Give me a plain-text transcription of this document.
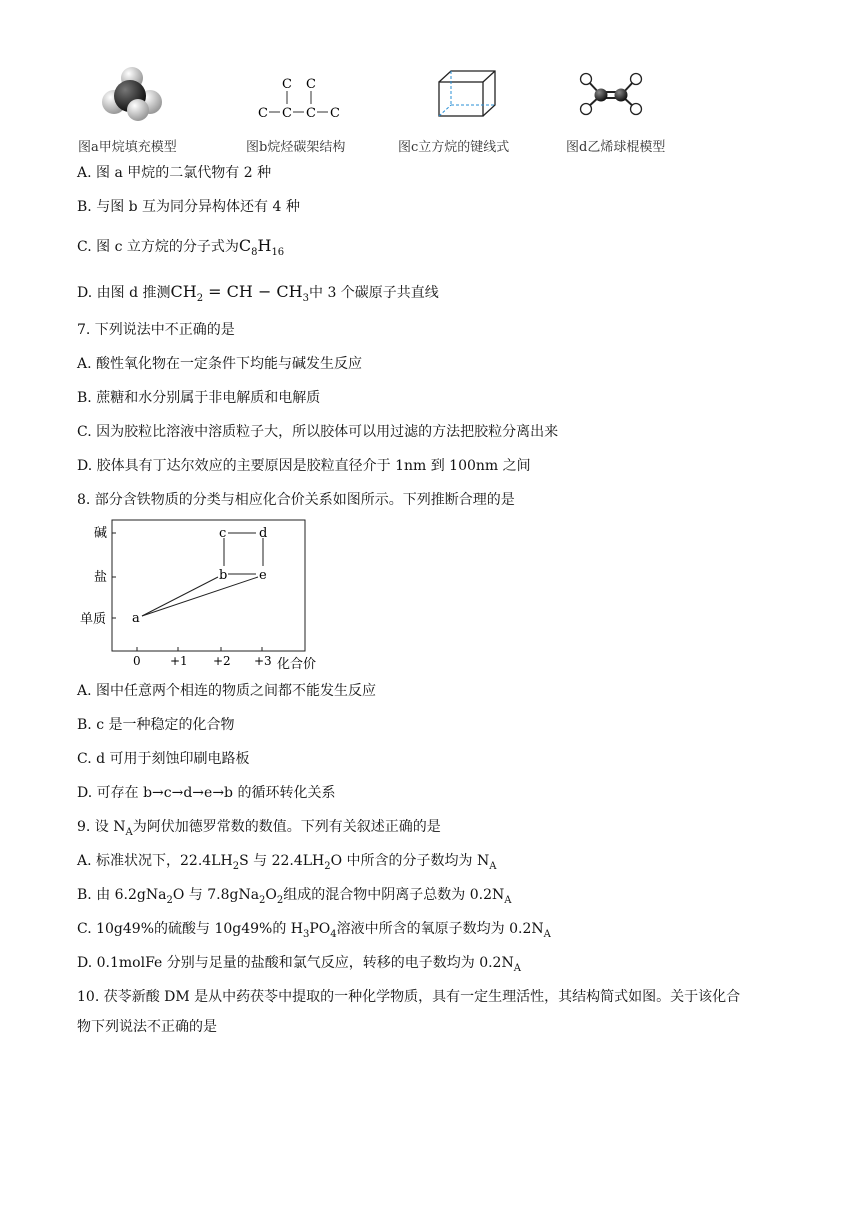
图a甲烷填充模型
C C
C C C C
图b烷烃碳架结构	图c立方烷的键线式	图d乙烯球棍模型
A. 图 a 甲烷的二氯代物有 2 种
B. 与图 b 互为同分异构体还有 4 种
C. 图 c 立方烷的分子式为$C_8H_{16}$
D. 由图 d 推测$CH_2$ = CH − $CH_3$中 3 个碳原子共直线
7. 下列说法中不正确的是
A. 酸性氧化物在一定条件下均能与碱发生反应
B. 蔗糖和水分别属于非电解质和电解质
C. 因为胶粒比溶液中溶质粒子大，所以胶体可以用过滤的方法把胶粒分离出来
D. 胶体具有丁达尔效应的主要原因是胶粒直径介于 1nm 到 100nm 之间
8. 部分含铁物质的分类与相应化合价关系如图所示。下列推断合理的是
碱
盐
单质
0 +1 +2 +3 化合价
a
b
c	d
e
A. 图中任意两个相连的物质之间都不能发生反应
B. c 是一种稳定的化合物
C. d 可用于刻蚀印刷电路板
D. 可存在 b→c→d→e→b 的循环转化关系
9. 设 $N_A$为阿伏加德罗常数的数值。下列有关叙述正确的是
A. 标准状况下，$22.4LH_2S$ 与 $22.4LH_2O$ 中所含的分子数均为 $N_A$
B. 由 6.2gNa$_2$O 与 $7.8gNa_2O_2$组成的混合物中阴离子总数为 $0.2N_A$
C. 10g49%的硫酸与 10g49%的 $H_3PO_4$溶液中所含的氧原子数均为 $0.2N_A$
D. 0.1molFe 分别与足量的盐酸和氯气反应，转移的电子数均为 $0.2N_A$
10. 茯苓新酸 DM 是从中药茯苓中提取的一种化学物质，具有一定生理活性，其结构简式如图。关于该化合
物下列说法不正确的是
